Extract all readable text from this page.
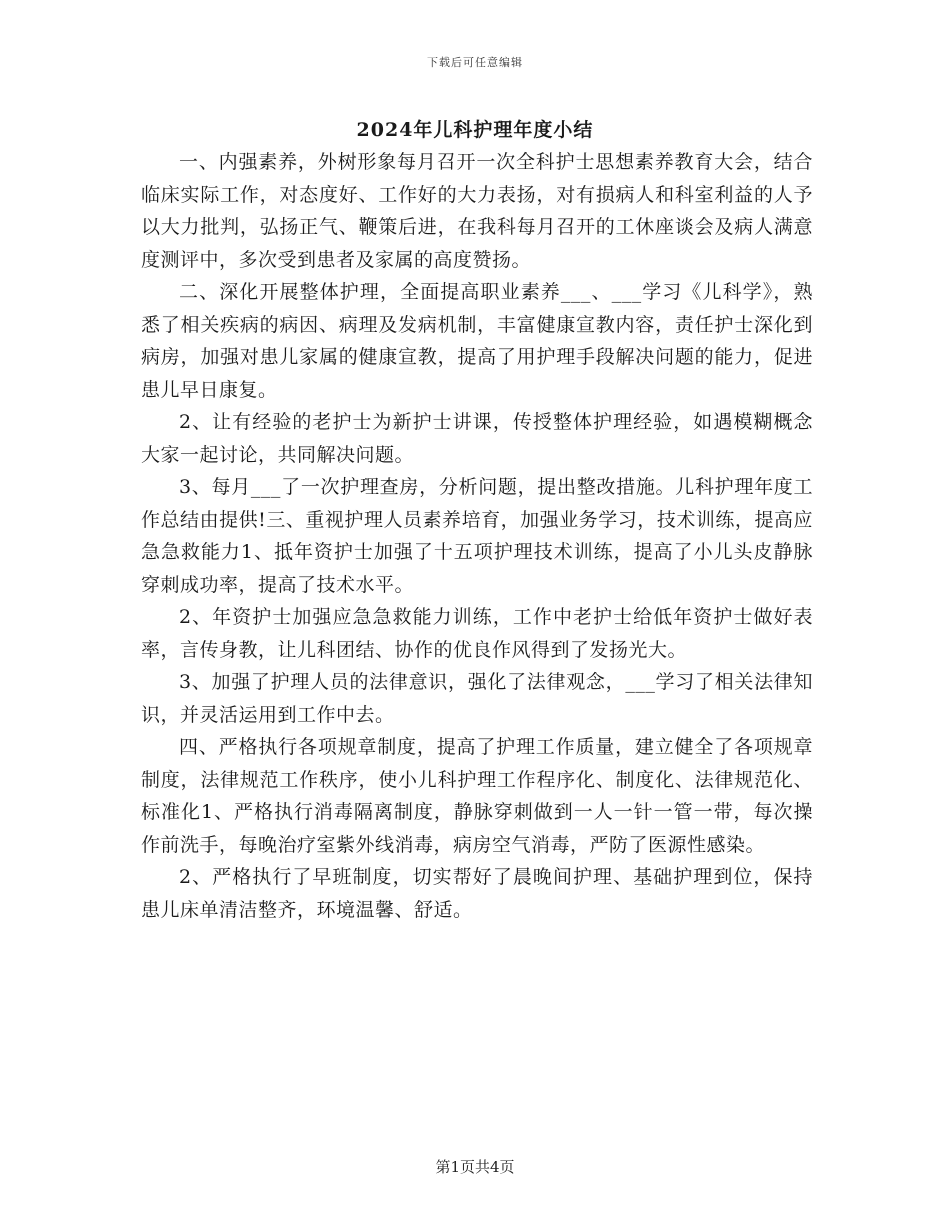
下载后可任意编辑
2024年儿科护理年度小结

一、内强素养，外树形象每月召开一次全科护士思想素养教育大会，结合临床实际工作，对态度好、工作好的大力表扬，对有损病人和科室利益的人予以大力批判，弘扬正气、鞭策后进，在我科每月召开的工休座谈会及病人满意度测评中，多次受到患者及家属的高度赞扬。

二、深化开展整体护理，全面提高职业素养___、___学习《儿科学》，熟悉了相关疾病的病因、病理及发病机制，丰富健康宣教内容，责任护士深化到病房，加强对患儿家属的健康宣教，提高了用护理手段解决问题的能力，促进患儿早日康复。

2、让有经验的老护士为新护士讲课，传授整体护理经验，如遇模糊概念大家一起讨论，共同解决问题。

3、每月___了一次护理查房，分析问题，提出整改措施。儿科护理年度工作总结由提供!三、重视护理人员素养培育，加强业务学习，技术训练，提高应急急救能力1、抵年资护士加强了十五项护理技术训练，提高了小儿头皮静脉穿刺成功率，提高了技术水平。

2、年资护士加强应急急救能力训练，工作中老护士给低年资护士做好表率，言传身教，让儿科团结、协作的优良作风得到了发扬光大。

3、加强了护理人员的法律意识，强化了法律观念，___学习了相关法律知识，并灵活运用到工作中去。

四、严格执行各项规章制度，提高了护理工作质量，建立健全了各项规章制度，法律规范工作秩序，使小儿科护理工作程序化、制度化、法律规范化、标准化1、严格执行消毒隔离制度，静脉穿刺做到一人一针一管一带，每次操作前洗手，每晚治疗室紫外线消毒，病房空气消毒，严防了医源性感染。

2、严格执行了早班制度，切实帮好了晨晚间护理、基础护理到位，保持患儿床单清洁整齐，环境温馨、舒适。

第1页共4页
